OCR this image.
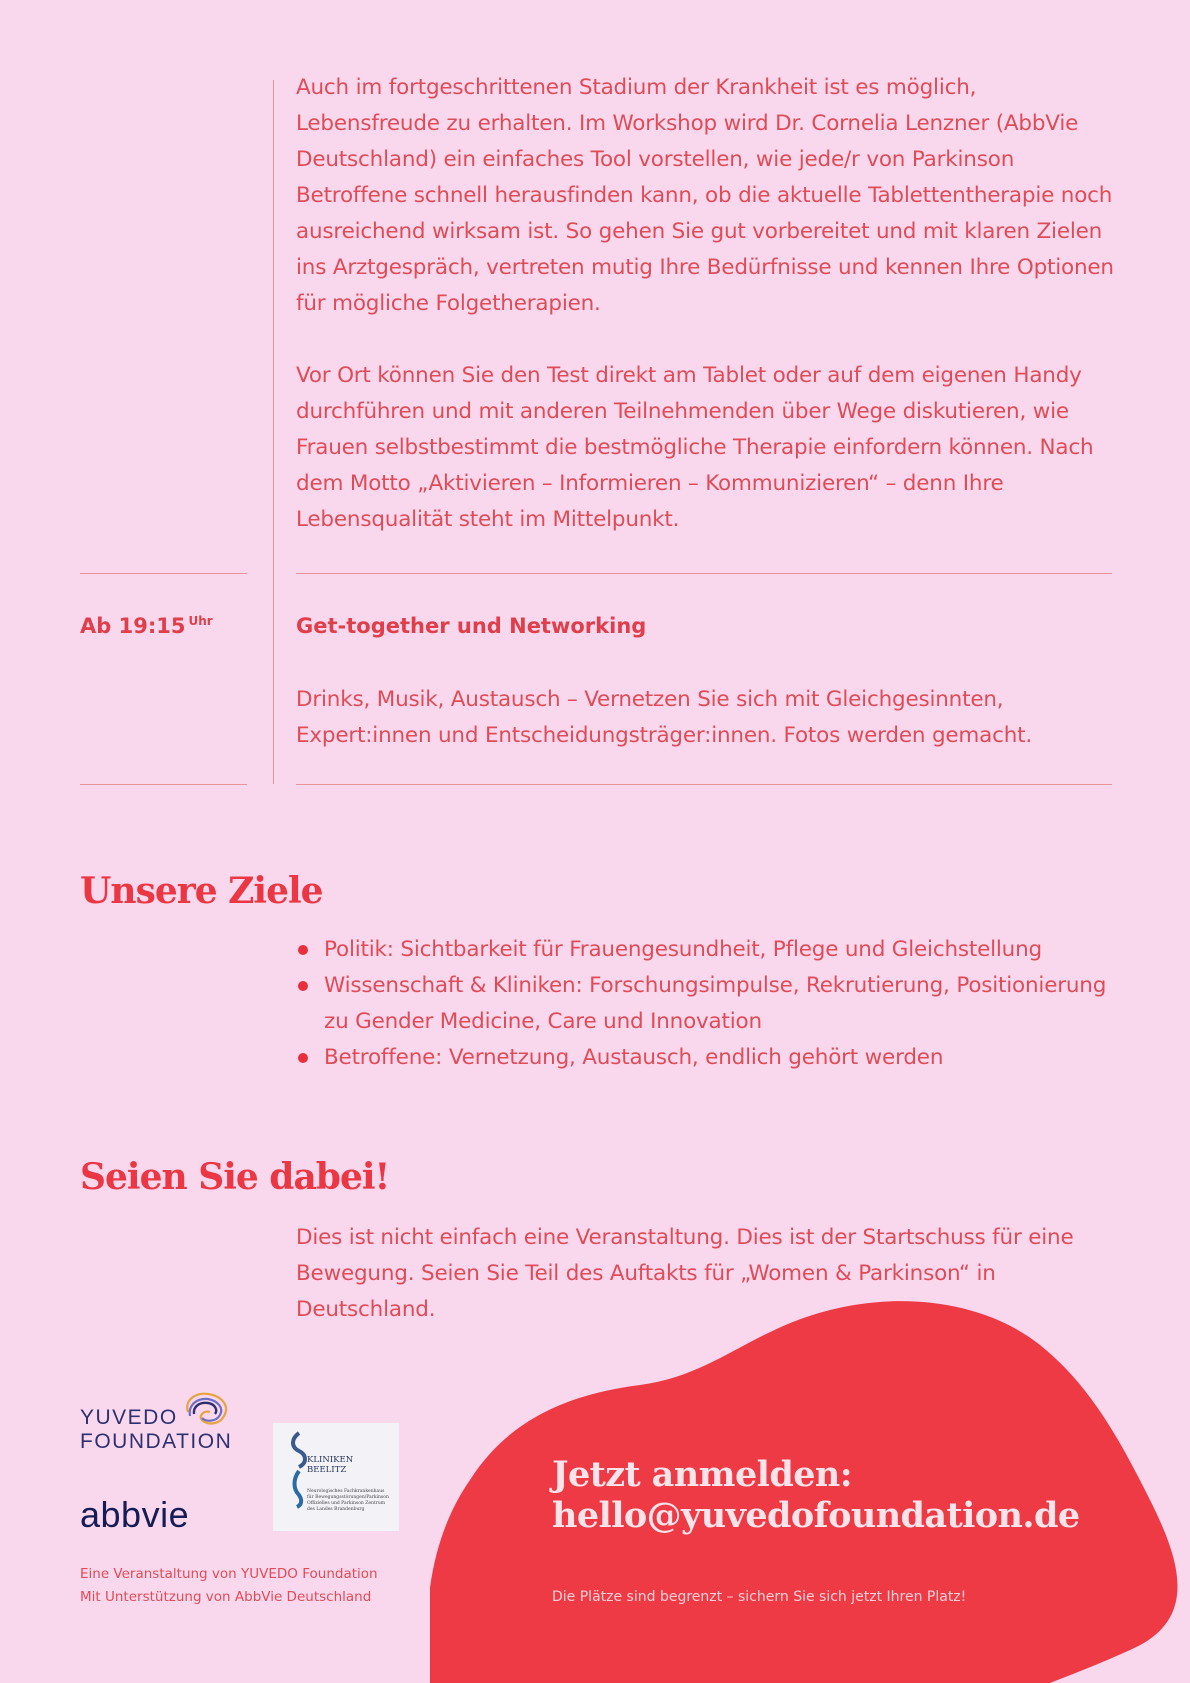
Auch im fortgeschrittenen Stadium der Krankheit ist es möglich, Lebensfreude zu erhalten. Im Workshop wird Dr. Cornelia Lenzner (AbbVie Deutschland) ein einfaches Tool vorstellen, wie jede/r von Parkinson Betroffene schnell herausfinden kann, ob die aktuelle Tablettentherapie noch ausreichend wirksam ist. So gehen Sie gut vorbereitet und mit klaren Zielen ins Arztgespräch, vertreten mutig Ihre Bedürfnisse und kennen Ihre Optionen für mögliche Folgetherapien.

Vor Ort können Sie den Test direkt am Tablet oder auf dem eigenen Handy durchführen und mit anderen Teilnehmenden über Wege diskutieren, wie Frauen selbstbestimmt die bestmögliche Therapie einfordern können. Nach dem Motto „Aktivieren – Informieren – Kommunizieren“ – denn Ihre Lebensqualität steht im Mittelpunkt.

Ab 19:15 $^{Uhr}$	Get-together und Networking

Drinks, Musik, Austausch – Vernetzen Sie sich mit Gleichgesinnten, Expert:innen und Entscheidungsträger:innen. Fotos werden gemacht.

Unsere Ziele
Politik: Sichtbarkeit für Frauengesundheit, Pflege und Gleichstellung
Wissenschaft & Kliniken: Forschungsimpulse, Rekrutierung, Positionierung zu Gender Medicine, Care und Innovation
Betroffene: Vernetzung, Austausch, endlich gehört werden
Seien Sie dabei!

Dies ist nicht einfach eine Veranstaltung. Dies ist der Startschuss für eine Bewegung. Seien Sie Teil des Auftakts für „Women & Parkinson“ in Deutschland.

Jetzt anmelden:
hello@yuvedofoundation.de
Die Plätze sind begrenzt – sichern Sie sich jetzt Ihren Platz!
YUVEDO
FOUNDATION
abbvie
KLINIKEN
BEELITZ
Neurologisches Fachkrankenhaus
für Bewegungsstörungen/Parkinson
Offizielles und Parkinson Zentrum
des Landes Brandenburg
Eine Veranstaltung von YUVEDO Foundation
Mit Unterstützung von AbbVie Deutschland
